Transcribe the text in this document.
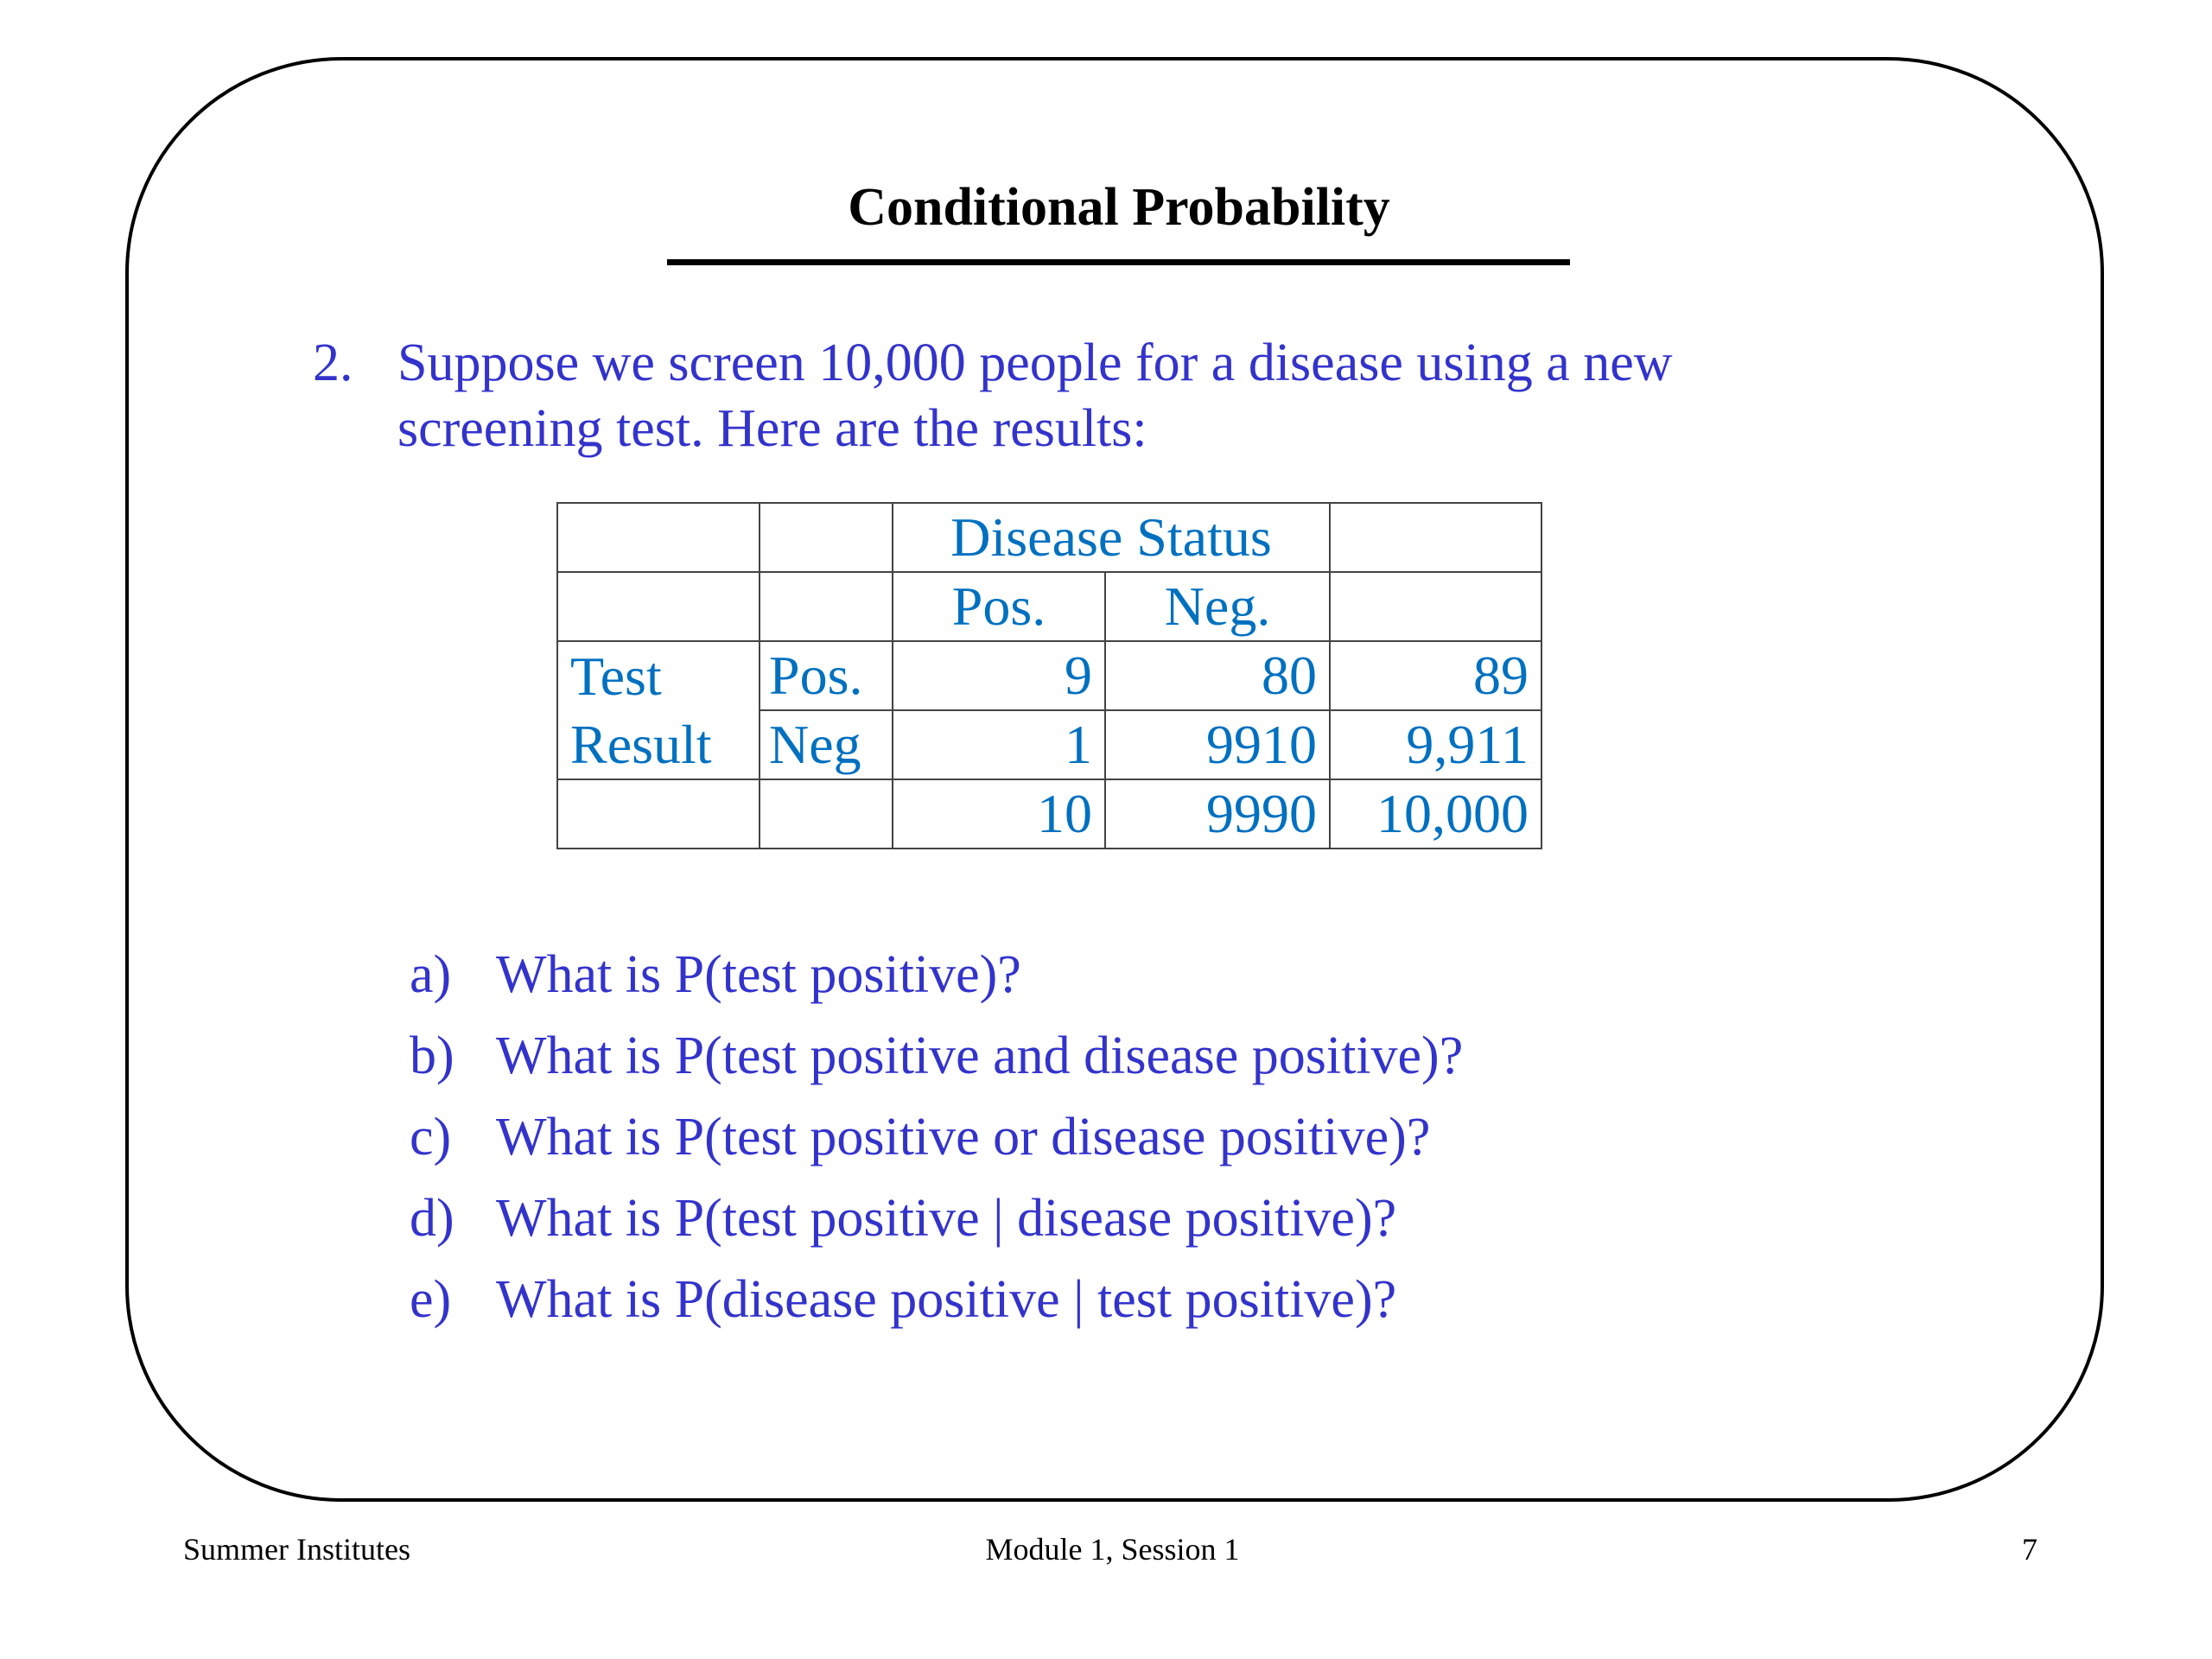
Conditional Probability
2. Suppose we screen 10,000 people for a disease using a new screening test. Here are the results:
		Disease Status		
		Pos.	Neg.	
Test	Pos.	9	80	89
Result	Neg	1	9910	9,911
		10	9990	10,000
a) What is P(test positive)?
b) What is P(test positive and disease positive)?
c) What is P(test positive or disease positive)?
d) What is P(test positive | disease positive)?
e) What is P(disease positive | test positive)?
Summer Institutes	Module 1, Session 1	7
